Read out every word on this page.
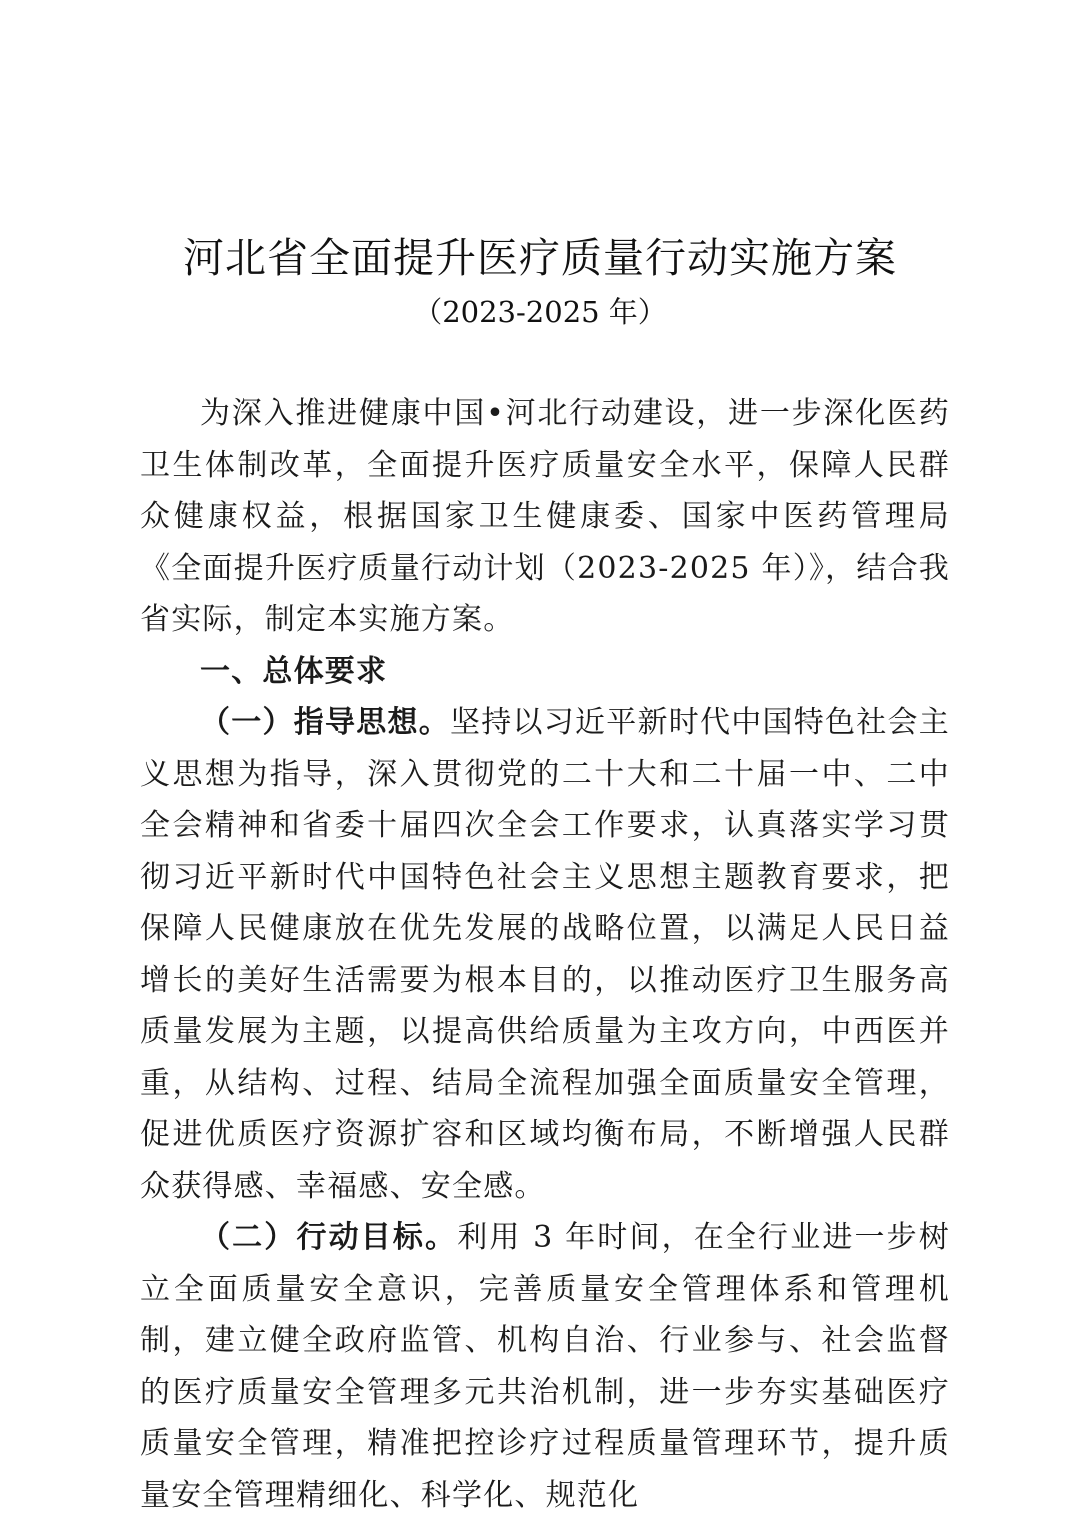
河北省全面提升医疗质量行动实施方案
（2023-2025 年）

为深入推进健康中国•河北行动建设，进一步深化医药卫生体制改革，全面提升医疗质量安全水平，保障人民群众健康权益，根据国家卫生健康委、国家中医药管理局《全面提升医疗质量行动计划（2023-2025 年）》，结合我省实际，制定本实施方案。

一、总体要求

（一）指导思想。坚持以习近平新时代中国特色社会主义思想为指导，深入贯彻党的二十大和二十届一中、二中全会精神和省委十届四次全会工作要求，认真落实学习贯彻习近平新时代中国特色社会主义思想主题教育要求，把保障人民健康放在优先发展的战略位置，以满足人民日益增长的美好生活需要为根本目的，以推动医疗卫生服务高质量发展为主题，以提高供给质量为主攻方向，中西医并重，从结构、过程、结局全流程加强全面质量安全管理，促进优质医疗资源扩容和区域均衡布局，不断增强人民群众获得感、幸福感、安全感。

（二）行动目标。利用 3 年时间，在全行业进一步树立全面质量安全意识，完善质量安全管理体系和管理机制，建立健全政府监管、机构自治、行业参与、社会监督的医疗质量安全管理多元共治机制，进一步夯实基础医疗质量安全管理，精准把控诊疗过程质量管理环节，提升质量安全管理精细化、科学化、规范化
